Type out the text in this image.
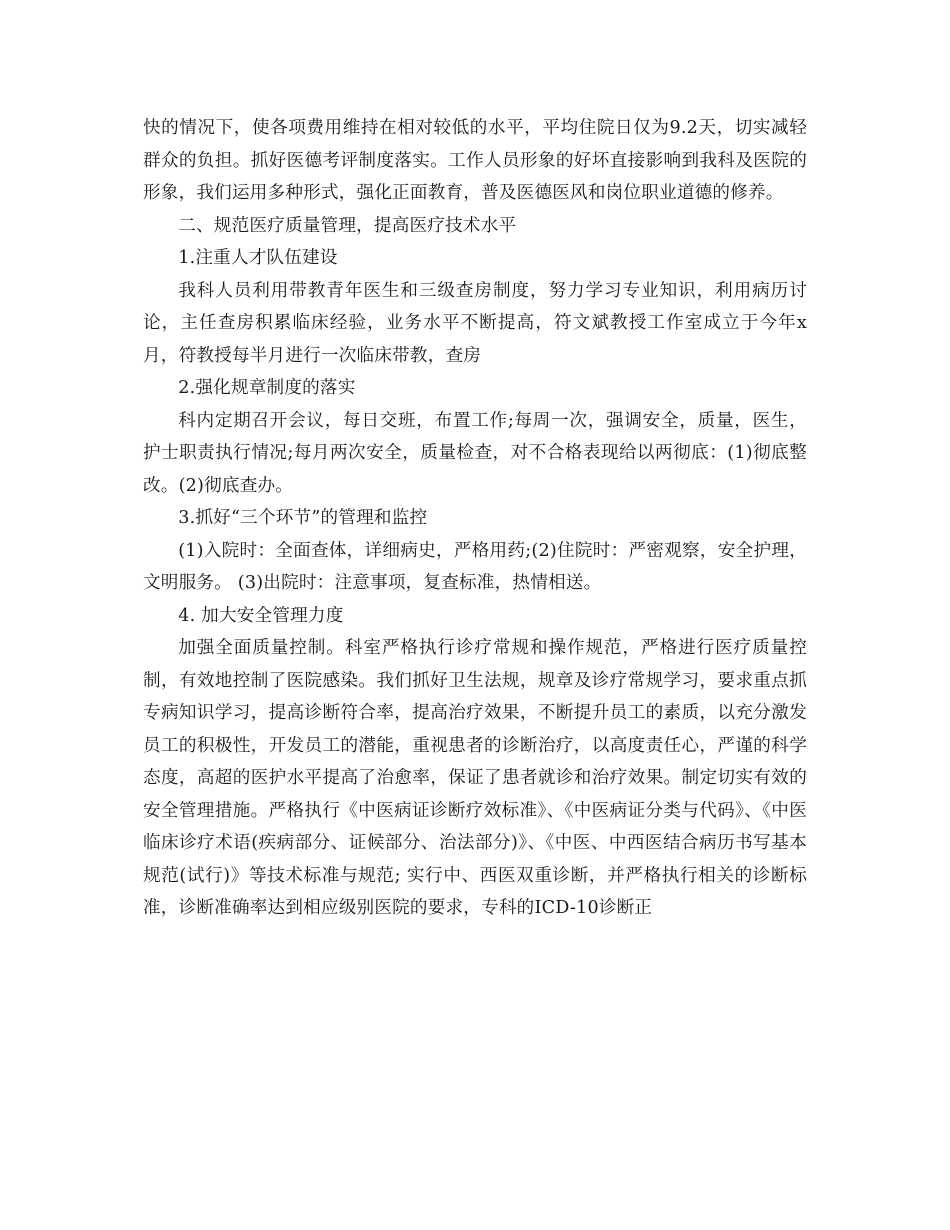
快的情况下，使各项费用维持在相对较低的水平，平均住院日仅为9.2天，切实减轻群众的负担。抓好医德考评制度落实。工作人员形象的好坏直接影响到我科及医院的形象，我们运用多种形式，强化正面教育，普及医德医风和岗位职业道德的修养。

二、规范医疗质量管理，提高医疗技术水平

1.注重人才队伍建设

我科人员利用带教青年医生和三级查房制度，努力学习专业知识，利用病历讨论，主任查房积累临床经验，业务水平不断提高，符文斌教授工作室成立于今年x月，符教授每半月进行一次临床带教，查房

2.强化规章制度的落实

科内定期召开会议，每日交班，布置工作;每周一次，强调安全，质量，医生，护士职责执行情况;每月两次安全，质量检查，对不合格表现给以两彻底：(1)彻底整改。(2)彻底查办。

3.抓好“三个环节”的管理和监控

(1)入院时：全面查体，详细病史，严格用药;(2)住院时：严密观察，安全护理，文明服务。 (3)出院时：注意事项，复查标准，热情相送。

4. 加大安全管理力度

加强全面质量控制。科室严格执行诊疗常规和操作规范，严格进行医疗质量控制，有效地控制了医院感染。我们抓好卫生法规，规章及诊疗常规学习，要求重点抓专病知识学习，提高诊断符合率，提高治疗效果，不断提升员工的素质，以充分激发员工的积极性，开发员工的潜能，重视患者的诊断治疗，以高度责任心，严谨的科学态度，高超的医护水平提高了治愈率，保证了患者就诊和治疗效果。制定切实有效的安全管理措施。严格执行《中医病证诊断疗效标准》、《中医病证分类与代码》、《中医临床诊疗术语(疾病部分、证候部分、治法部分)》、《中医、中西医结合病历书写基本规范(试行)》等技术标准与规范; 实行中、西医双重诊断，并严格执行相关的诊断标准，诊断准确率达到相应级别医院的要求，专科的ICD-10诊断正
